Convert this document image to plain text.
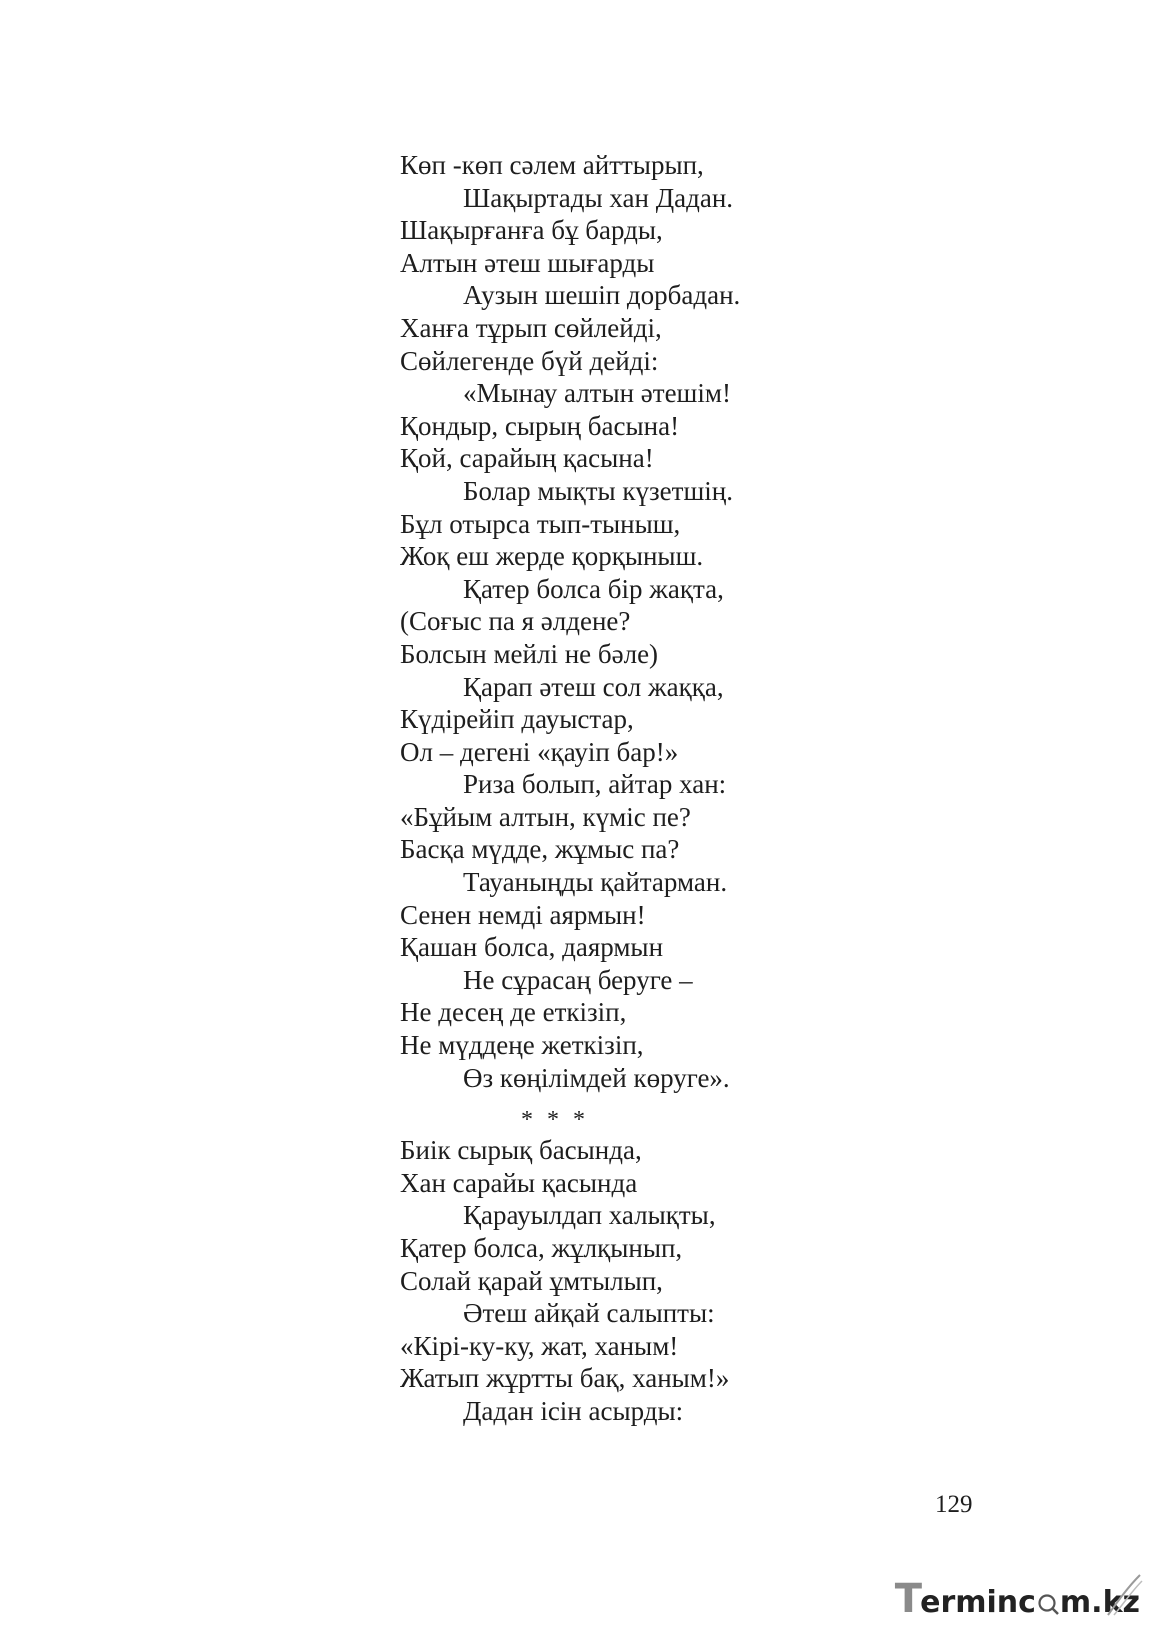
Көп -көп сәлем айттырып,
Шақыртады хан Дадан.
Шақырғанға бұ барды,
Алтын әтеш шығарды
Аузын шешіп дорбадан.
Ханға тұрып сөйлейді,
Сөйлегенде бүй дейді:
«Мынау алтын әтешім!
Қондыр, сырың басына!
Қой, сарайың қасына!
Болар мықты күзетшің.
Бұл отырса тып-тыныш,
Жоқ еш жерде қорқыныш.
Қатер болса бір жақта,
(Соғыс па я әлдене?
Болсын мейлі не бәле)
Қарап әтеш сол жаққа,
Күдірейіп дауыстар,
Ол – дегені «қауіп бар!»
Риза болып, айтар хан:
«Бұйым алтын, күміс пе?
Басқа мүдде, жұмыс па?
Тауаныңды қайтарман.
Сенен немді аярмын!
Қашан болса, даярмын
Не сұрасаң беруге –
Не десең де еткізіп,
Не мүддеңе жеткізіп,
Өз көңілімдей көруге».
* * *
Биік сырық басында,
Хан сарайы қасында
Қарауылдап халықты,
Қатер болса, жұлқынып,
Солай қарай ұмтылып,
Әтеш айқай салыпты:
«Кірі-ку-ку, жат, ханым!
Жатып жұртты бақ, ханым!»
Дадан ісін асырды:
129
T
erminc m.kz
